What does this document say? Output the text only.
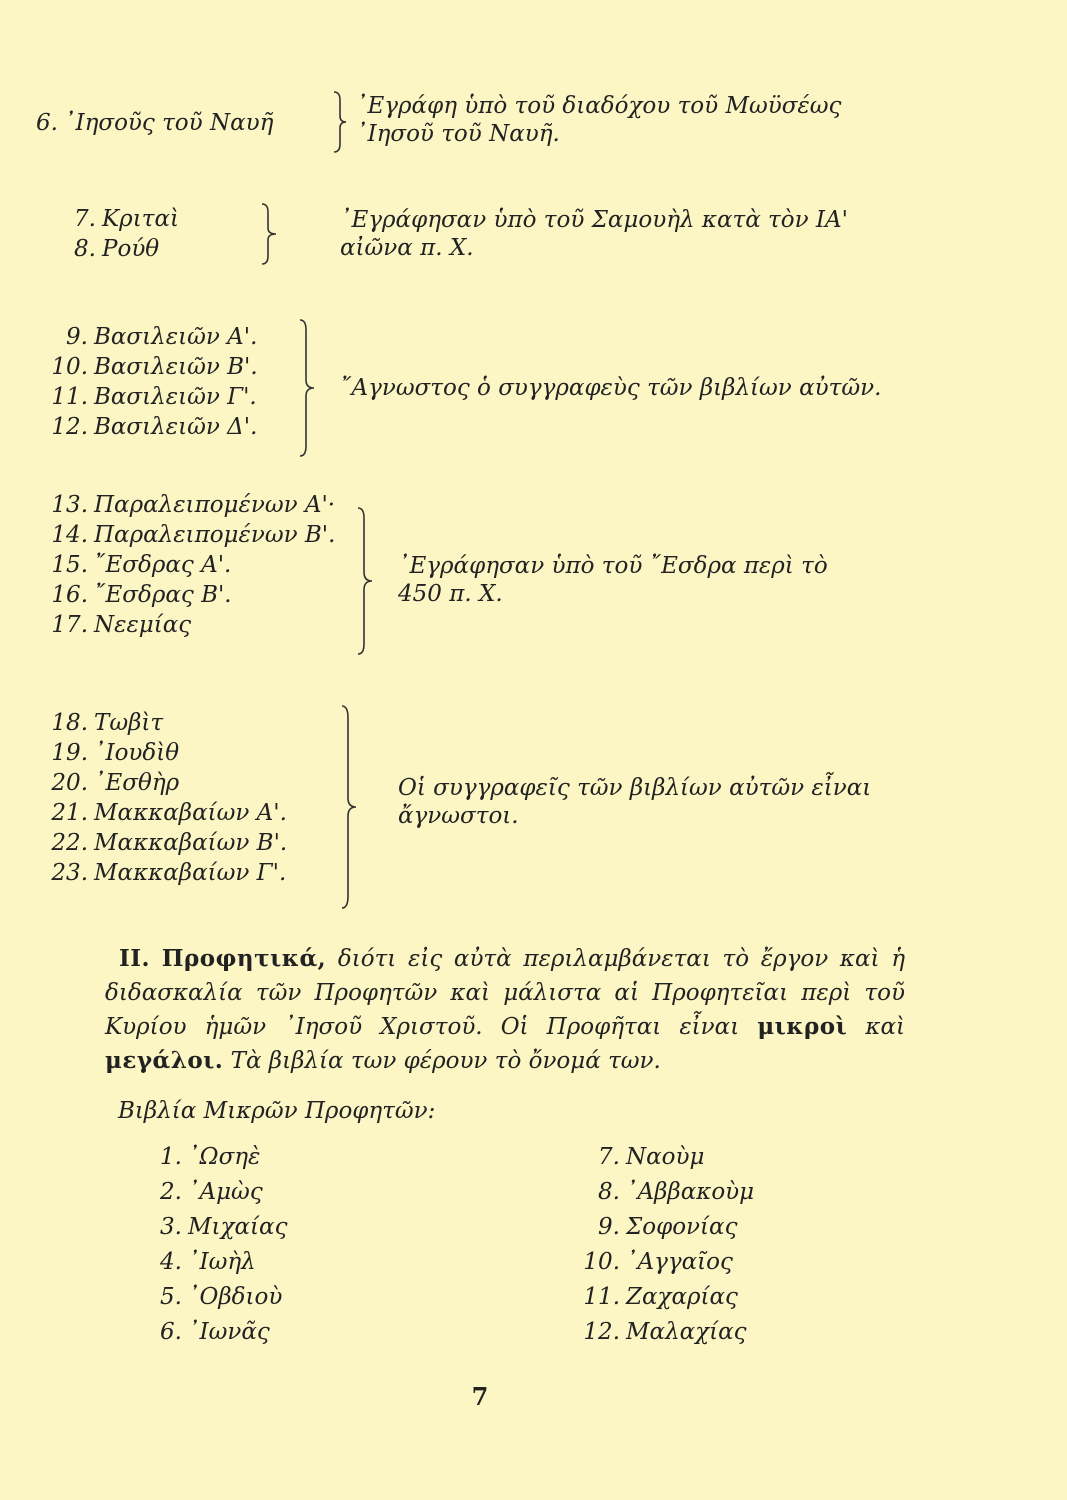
6. ᾿Ιησοῦς τοῦ Ναυῆ
᾿Εγράφη ὑπὸ τοῦ διαδόχου τοῦ Μωϋσέως
᾿Ιησοῦ τοῦ Ναυῆ.
7. Κριταὶ
8. Ρούθ
᾿Εγράφησαν ὑπὸ τοῦ Σαμουὴλ κατὰ τὸν ΙΑ'
αἰῶνα π. Χ.
9. Βασιλειῶν Α'.
10. Βασιλειῶν Β'.
11. Βασιλειῶν Γ'.
12. Βασιλειῶν Δ'.
῎Αγνωστος ὁ συγγραφεὺς τῶν βιβλίων αὐτῶν.
13. Παραλειπομένων Α'·
14. Παραλειπομένων Β'.
15. ῎Εσδρας Α'.
16. ῎Εσδρας Β'.
17. Νεεμίας
᾿Εγράφησαν ὑπὸ τοῦ ῎Εσδρα περὶ τὸ
450 π. Χ.
18. Τωβὶτ
19. ᾿Ιουδὶθ
20. ᾿Εσθὴρ
21. Μακκαβαίων Α'.
22. Μακκαβαίων Β'.
23. Μακκαβαίων Γ'.
Οἱ συγγραφεῖς τῶν βιβλίων αὐτῶν εἶναι
ἄγνωστοι.
ΙΙ. Προφητικά, διότι εἰς αὐτὰ περιλαμβάνεται τὸ ἔργον καὶ ἡ διδασκαλία τῶν Προφητῶν καὶ μάλιστα αἱ Προφητεῖαι περὶ τοῦ Κυρίου ἡμῶν ᾿Ιησοῦ Χριστοῦ. Οἱ Προφῆται εἶναι μικροὶ καὶ μεγάλοι. Τὰ βιβλία των φέρουν τὸ ὄνομά των.
Βιβλία Μικρῶν Προφητῶν:
1. ᾿Ωσηὲ
2. ᾿Αμὼς
3. Μιχαίας
4. ᾿Ιωὴλ
5. ᾿Οβδιοὺ
6. ᾿Ιωνᾶς
7. Ναοὺμ
8. ᾿Αββακοὺμ
9. Σοφονίας
10. ᾿Αγγαῖος
11. Ζαχαρίας
12. Μαλαχίας
7
